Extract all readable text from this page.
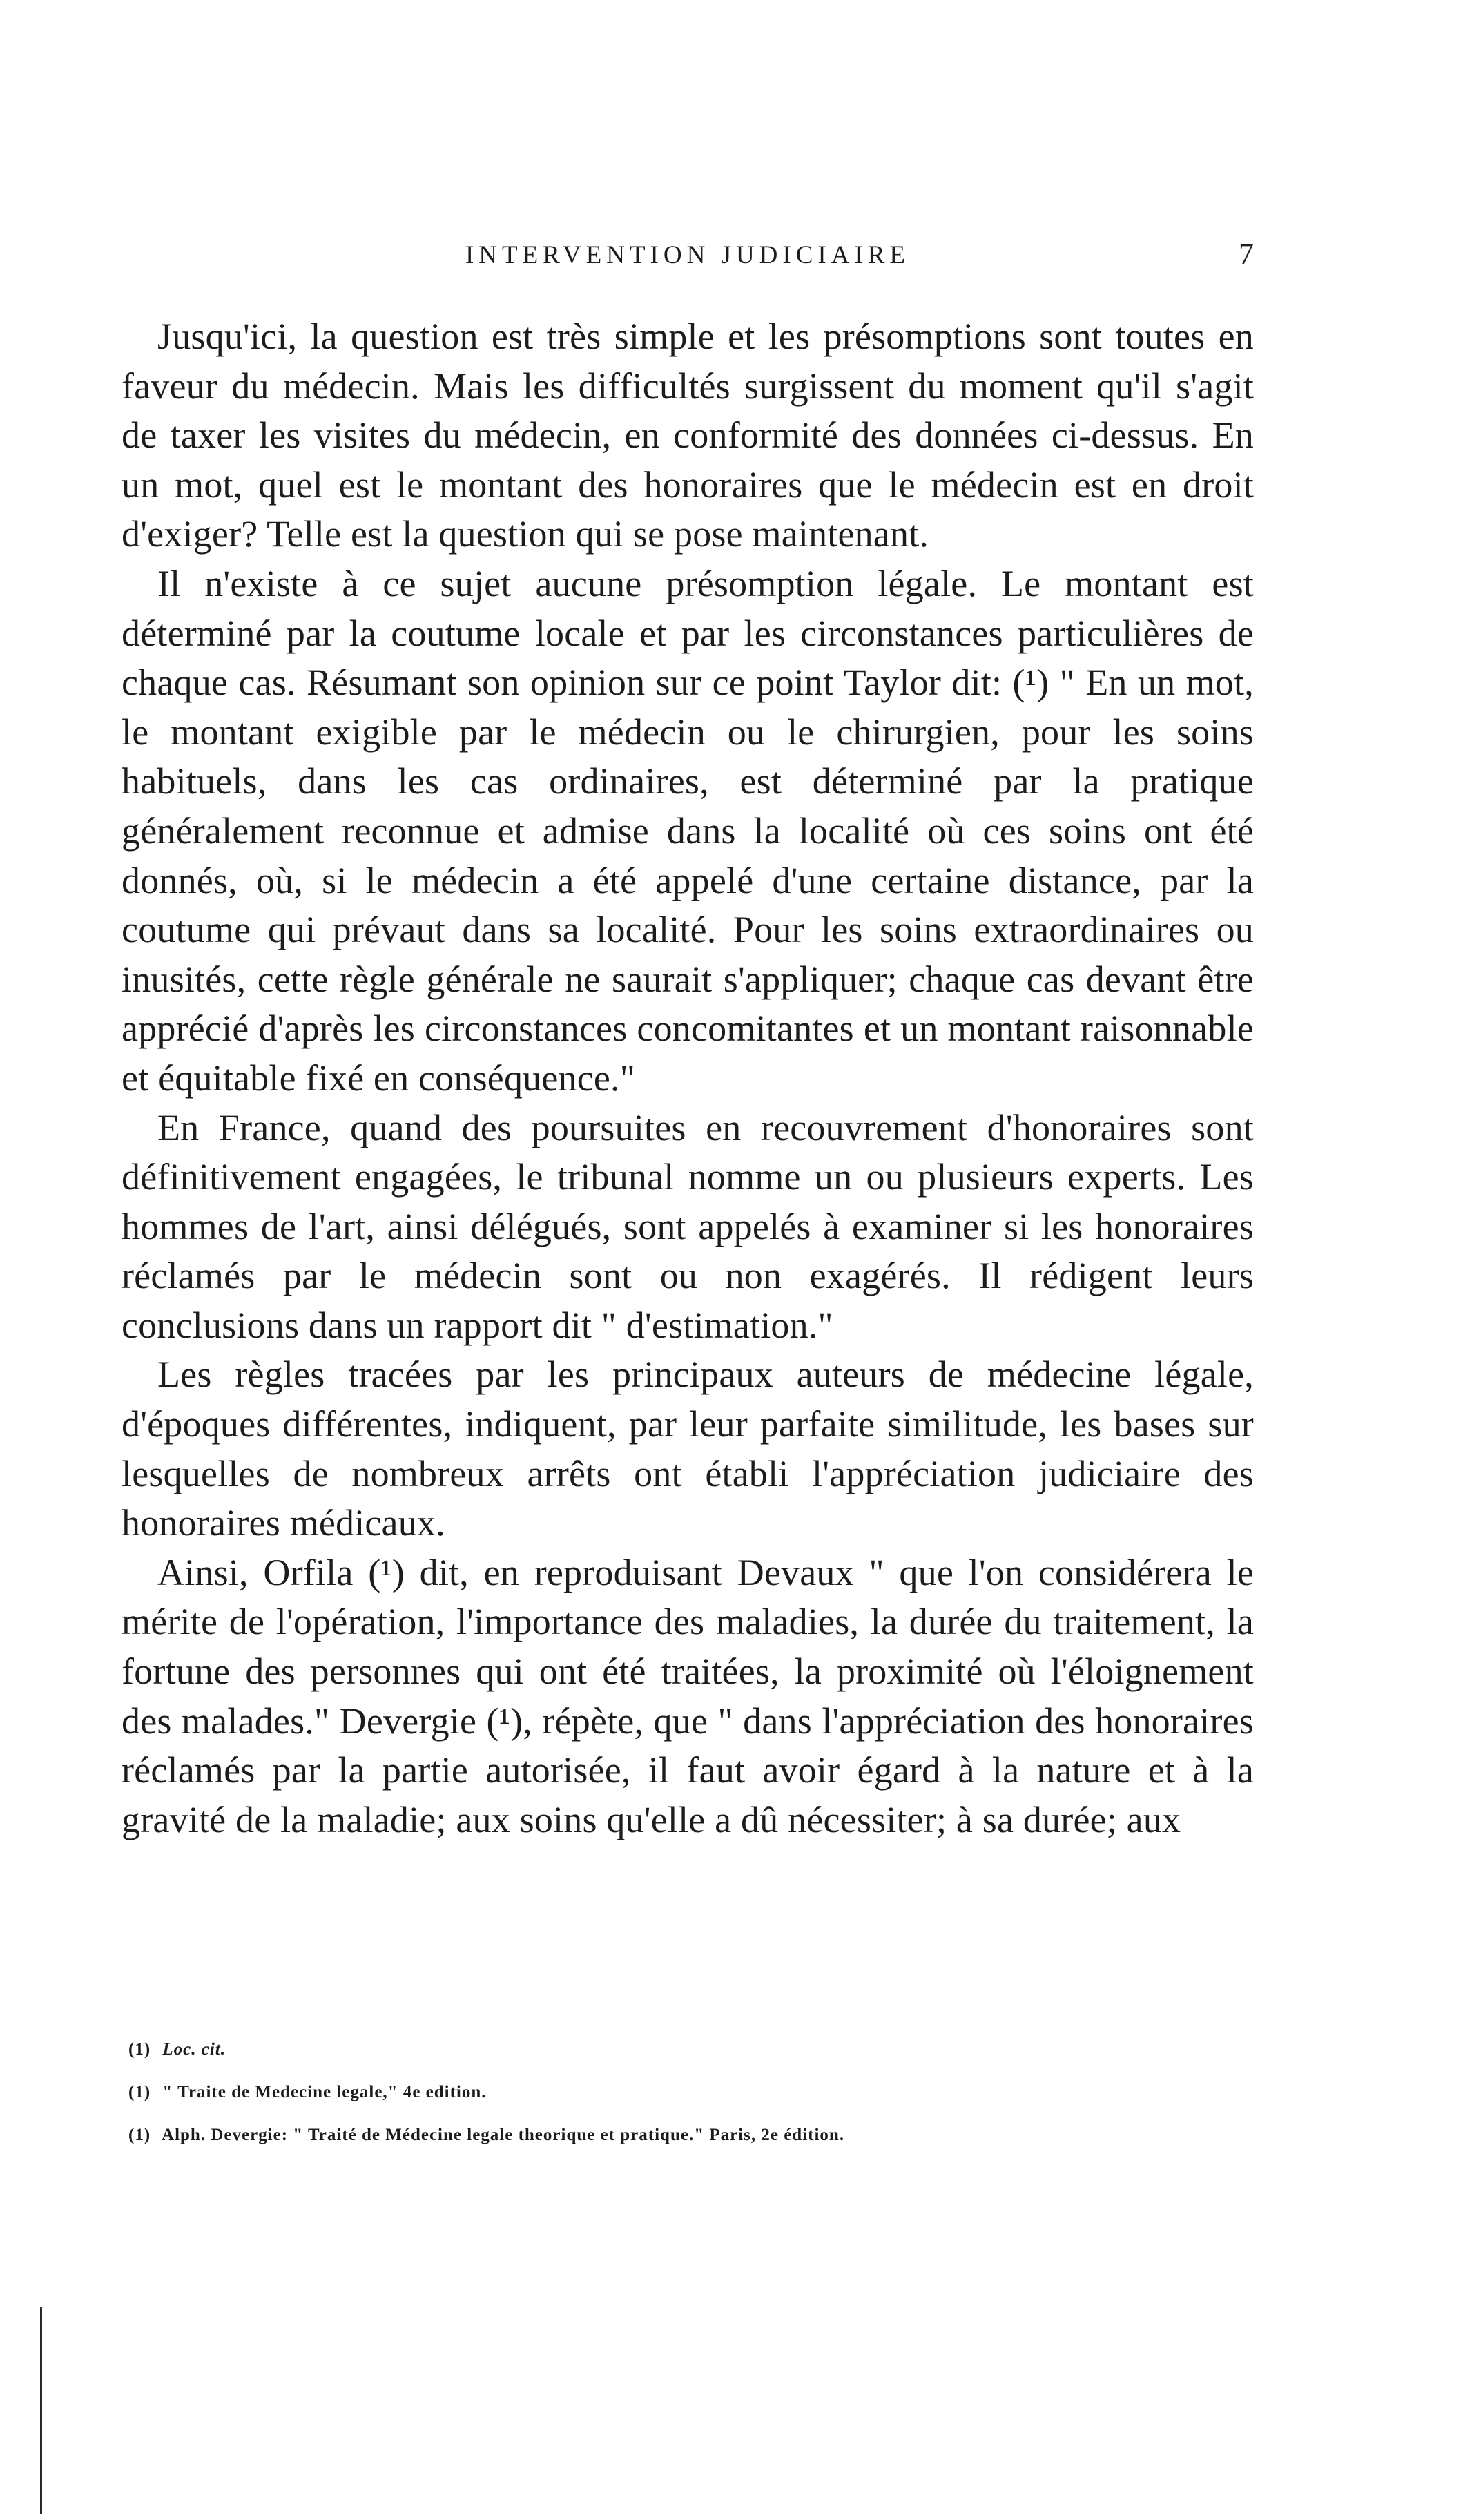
INTERVENTION JUDICIAIRE	7

Jusqu'ici, la question est très simple et les présomptions sont toutes en faveur du médecin. Mais les difficultés surgissent du moment qu'il s'agit de taxer les visites du médecin, en conformité des données ci-dessus. En un mot, quel est le montant des honoraires que le médecin est en droit d'exiger? Telle est la question qui se pose maintenant.

Il n'existe à ce sujet aucune présomption légale. Le montant est déterminé par la coutume locale et par les circonstances particulières de chaque cas. Résumant son opinion sur ce point Taylor dit: (¹) " En un mot, le montant exigible par le médecin ou le chirurgien, pour les soins habituels, dans les cas ordinaires, est déterminé par la pratique généralement reconnue et admise dans la localité où ces soins ont été donnés, où, si le médecin a été appelé d'une certaine distance, par la coutume qui prévaut dans sa localité. Pour les soins extraordinaires ou inusités, cette règle générale ne saurait s'appliquer; chaque cas devant être apprécié d'après les circonstances concomitantes et un montant raisonnable et équitable fixé en conséquence."

En France, quand des poursuites en recouvrement d'honoraires sont définitivement engagées, le tribunal nomme un ou plusieurs experts. Les hommes de l'art, ainsi délégués, sont appelés à examiner si les honoraires réclamés par le médecin sont ou non exagérés. Il rédigent leurs conclusions dans un rapport dit " d'estimation."

Les règles tracées par les principaux auteurs de médecine légale, d'époques différentes, indiquent, par leur parfaite similitude, les bases sur lesquelles de nombreux arrêts ont établi l'appréciation judiciaire des honoraires médicaux.

Ainsi, Orfila (¹) dit, en reproduisant Devaux " que l'on considérera le mérite de l'opération, l'importance des maladies, la durée du traitement, la fortune des personnes qui ont été traitées, la proximité où l'éloignement des malades." Devergie (¹), répète, que " dans l'appréciation des honoraires réclamés par la partie autorisée, il faut avoir égard à la nature et à la gravité de la maladie; aux soins qu'elle a dû nécessiter; à sa durée; aux

(1) Loc. cit.

(1) " Traite de Medecine legale," 4e edition.

(1) Alph. Devergie: " Traité de Médecine legale theorique et pratique." Paris, 2e édition.
